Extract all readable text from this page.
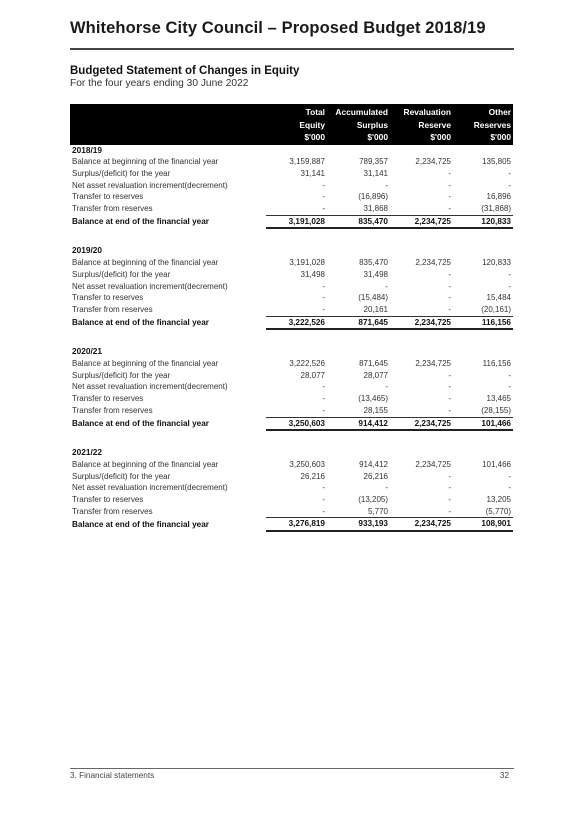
Whitehorse City Council – Proposed Budget 2018/19
Budgeted Statement of Changes in Equity
For the four years ending 30 June 2022
	Total	Accumulated	Revaluation	Other
	Equity	Surplus	Reserve	Reserves
	$'000	$'000	$'000	$'000
2018/19				
Balance at beginning of the financial year	3,159,887	789,357	2,234,725	135,805
Surplus/(deficit) for the year	31,141	31,141	-	-
Net asset revaluation increment(decrement)	-	-	-	-
Transfer to reserves	-	(16,896)	-	16,896
Transfer from reserves	-	31,868	-	(31,868)
Balance at end of the financial year	3,191,028	835,470	2,234,725	120,833

2019/20				
Balance at beginning of the financial year	3,191,028	835,470	2,234,725	120,833
Surplus/(deficit) for the year	31,498	31,498	-	-
Net asset revaluation increment(decrement)	-	-	-	-
Transfer to reserves	-	(15,484)	-	15,484
Transfer from reserves	-	20,161	-	(20,161)
Balance at end of the financial year	3,222,526	871,645	2,234,725	116,156

2020/21				
Balance at beginning of the financial year	3,222,526	871,645	2,234,725	116,156
Surplus/(deficit) for the year	28,077	28,077	-	-
Net asset revaluation increment(decrement)	-	-	-	-
Transfer to reserves	-	(13,465)	-	13,465
Transfer from reserves	-	28,155	-	(28,155)
Balance at end of the financial year	3,250,603	914,412	2,234,725	101,466

2021/22				
Balance at beginning of the financial year	3,250,603	914,412	2,234,725	101,466
Surplus/(deficit) for the year	26,216	26,216	-	-
Net asset revaluation increment(decrement)	-	-	-	-
Transfer to reserves	-	(13,205)	-	13,205
Transfer from reserves	-	5,770	-	(5,770)
Balance at end of the financial year	3,276,819	933,193	2,234,725	108,901
3. Financial statements	32
